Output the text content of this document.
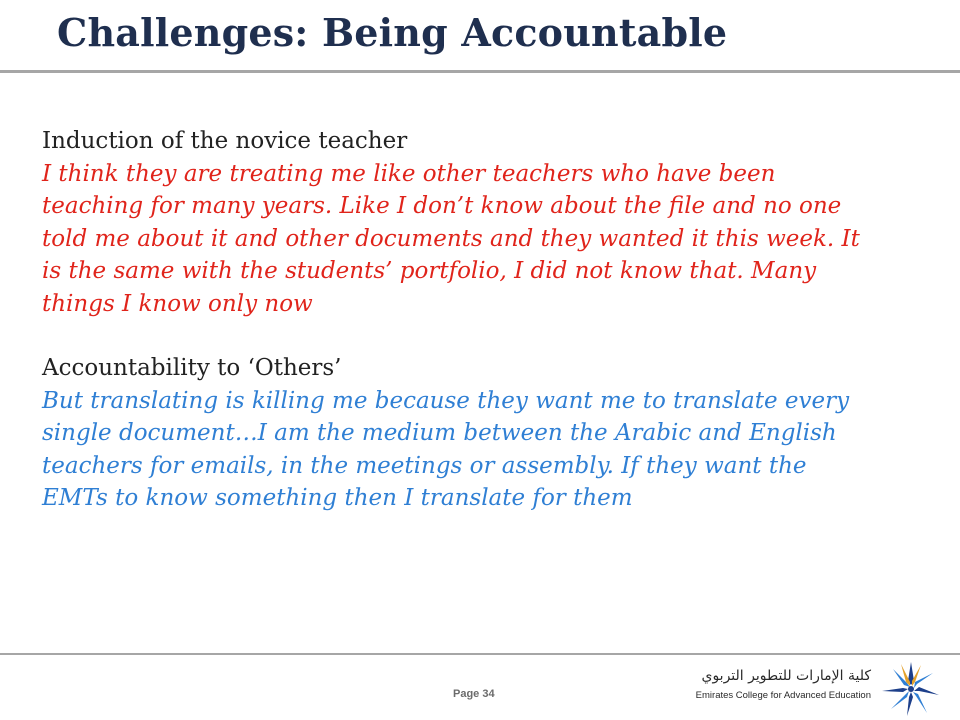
Challenges: Being Accountable
Induction of the novice teacher
I think they are treating me like other teachers who have been teaching for many years. Like I don’t know about the file and no one told me about it and other documents and they wanted it this week. It is the same with the students’ portfolio, I did not know that. Many things I know only now
Accountability to ‘Others’
But translating is killing me because they want me to translate every single document…I am the medium between the Arabic and English teachers for emails, in the meetings or assembly. If they want the EMTs to know something then I translate for them
Page 34
كلية الإمارات للتطوير التربوي
Emirates College for Advanced Education
